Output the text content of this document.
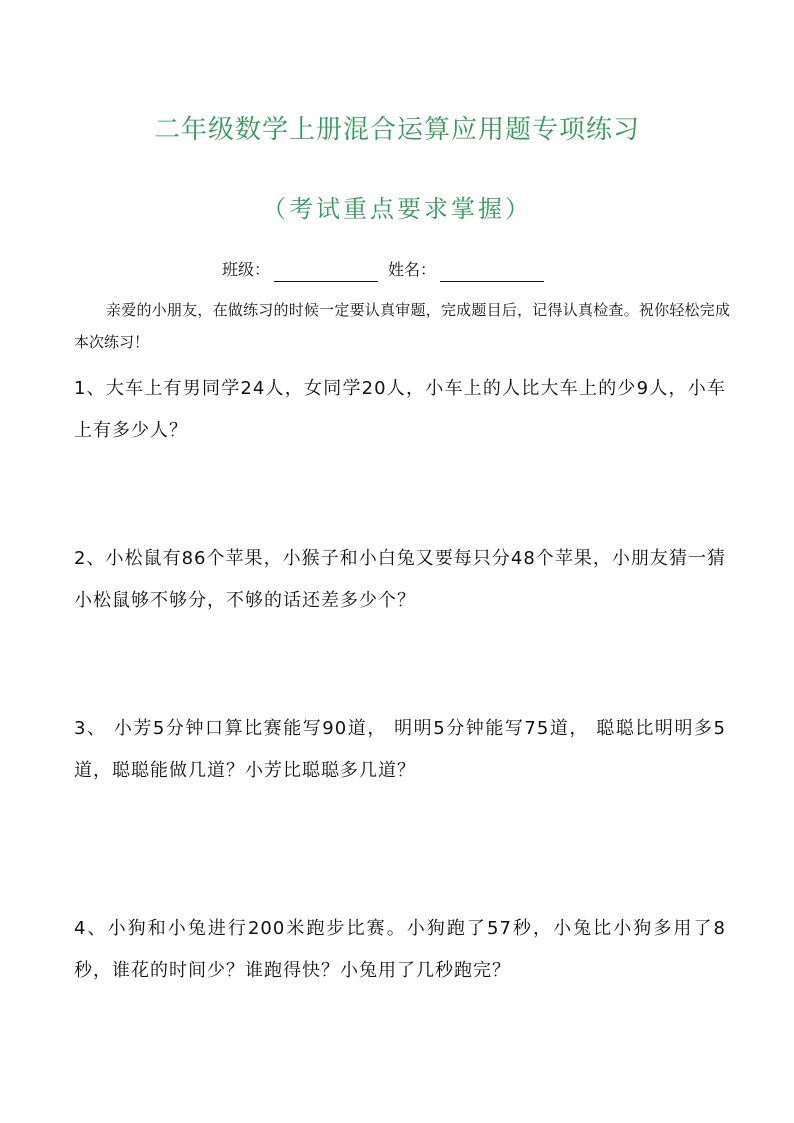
二年级数学上册混合运算应用题专项练习
（考试重点要求掌握）
班级：	姓名：
亲爱的小朋友，在做练习的时候一定要认真审题，完成题目后，记得认真检查。祝你轻松完成本次练习！
1、大车上有男同学24人，女同学20人，小车上的人比大车上的少9人，小车上有多少人？
2、小松鼠有86个苹果，小猴子和小白兔又要每只分48个苹果，小朋友猜一猜小松鼠够不够分，不够的话还差多少个？
3、 小芳5分钟口算比赛能写90道， 明明5分钟能写75道， 聪聪比明明多5道，聪聪能做几道？小芳比聪聪多几道？
4、小狗和小兔进行200米跑步比赛。小狗跑了57秒，小兔比小狗多用了8秒，谁花的时间少？谁跑得快？小兔用了几秒跑完？
